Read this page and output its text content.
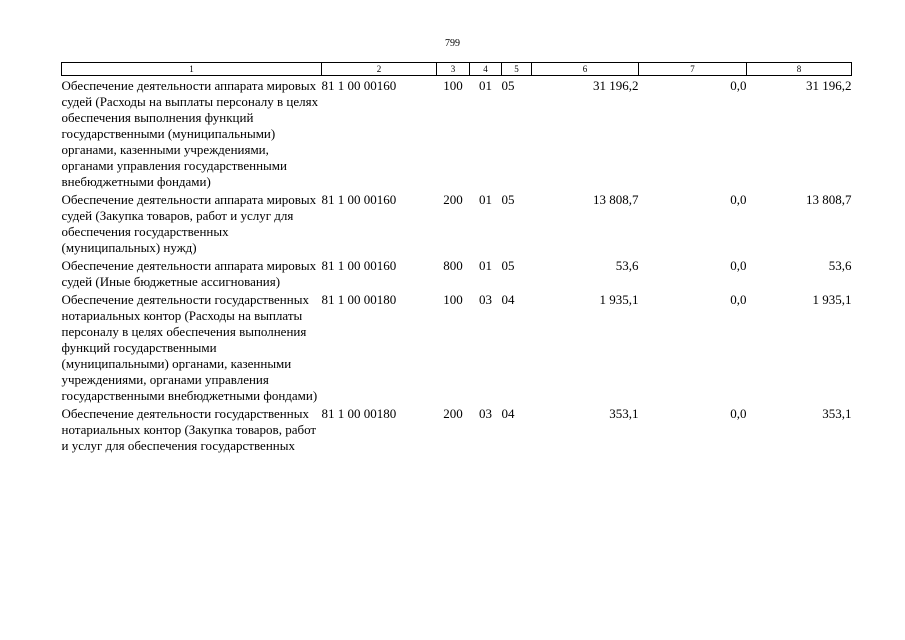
799
1	2	3	4	5	6	7	8
Обеспечение деятельности аппарата мировых судей (Расходы на выплаты персоналу в целях обеспечения выполнения функций государственными (муниципальными) органами, казенными учреждениями, органами управления государственными внебюджетными фондами)	81 1 00 00160	100	01	05	31 196,2	0,0	31 196,2
Обеспечение деятельности аппарата мировых судей (Закупка товаров, работ и услуг для обеспечения государственных (муниципальных) нужд)	81 1 00 00160	200	01	05	13 808,7	0,0	13 808,7
Обеспечение деятельности аппарата мировых судей (Иные бюджетные ассигнования)	81 1 00 00160	800	01	05	53,6	0,0	53,6
Обеспечение деятельности государственных нотариальных контор (Расходы на выплаты персоналу в целях обеспечения выполнения функций государственными (муниципальными) органами, казенными учреждениями, органами управления государственными внебюджетными фондами)	81 1 00 00180	100	03	04	1 935,1	0,0	1 935,1
Обеспечение деятельности государственных нотариальных контор (Закупка товаров, работ и услуг для обеспечения государственных	81 1 00 00180	200	03	04	353,1	0,0	353,1
